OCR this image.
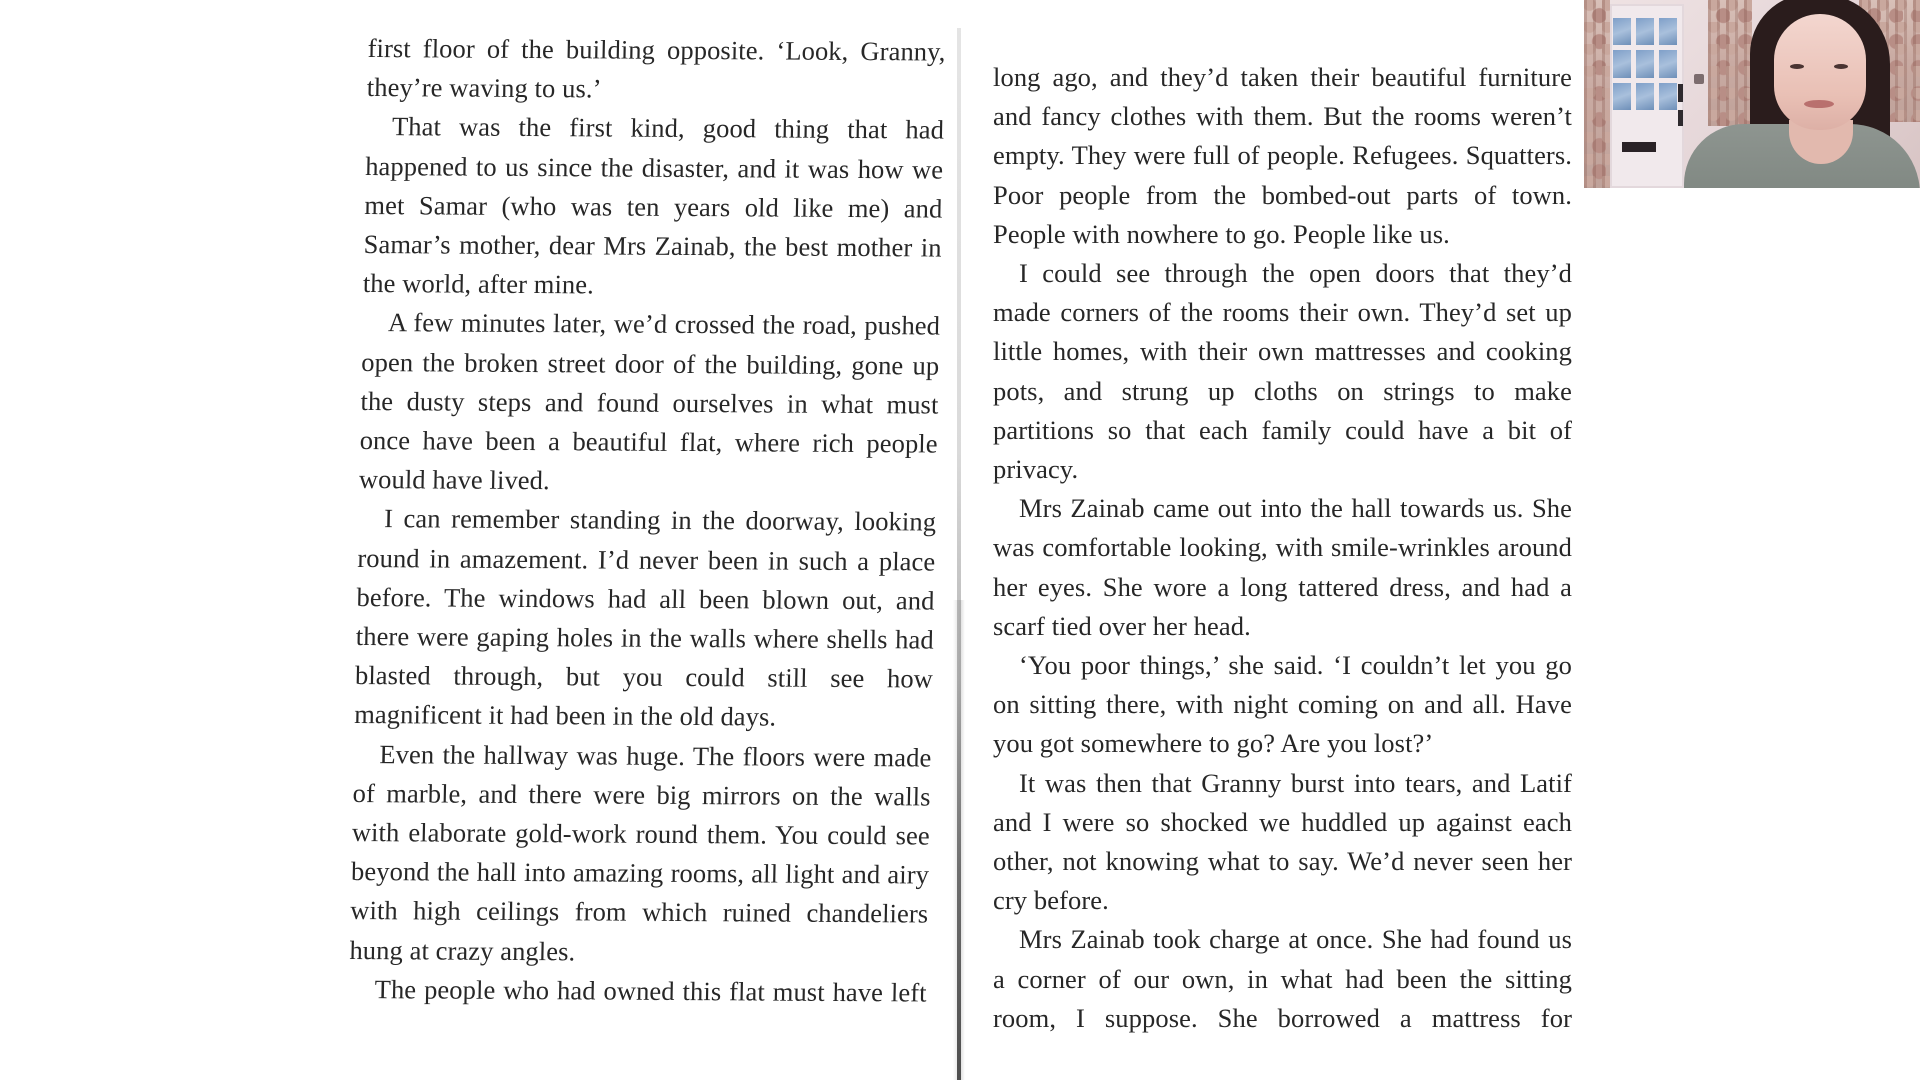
first floor of the building opposite. ‘Look, Granny, they’re waving to us.’

That was the first kind, good thing that had happened to us since the disaster, and it was how we met Samar (who was ten years old like me) and Samar’s mother, dear Mrs Zainab, the best mother in the world, after mine.

A few minutes later, we’d crossed the road, pushed open the broken street door of the building, gone up the dusty steps and found ourselves in what must once have been a beautiful flat, where rich people would have lived.

I can remember standing in the doorway, looking round in amazement. I’d never been in such a place before. The windows had all been blown out, and there were gaping holes in the walls where shells had blasted through, but you could still see how magnificent it had been in the old days.

Even the hallway was huge. The floors were made of marble, and there were big mirrors on the walls with elaborate gold-work round them. You could see beyond the hall into amazing rooms, all light and airy with high ceilings from which ruined chandeliers hung at crazy angles.

The people who had owned this flat must have left

long ago, and they’d taken their beautiful furniture and fancy clothes with them. But the rooms weren’t empty. They were full of people. Refugees. Squatters. Poor people from the bombed-out parts of town. People with nowhere to go. People like us.

I could see through the open doors that they’d made corners of the rooms their own. They’d set up little homes, with their own mattresses and cooking pots, and strung up cloths on strings to make partitions so that each family could have a bit of privacy.

Mrs Zainab came out into the hall towards us. She was comfortable looking, with smile-wrinkles around her eyes. She wore a long tattered dress, and had a scarf tied over her head.

‘You poor things,’ she said. ‘I couldn’t let you go on sitting there, with night coming on and all. Have you got somewhere to go? Are you lost?’

It was then that Granny burst into tears, and Latif and I were so shocked we huddled up against each other, not knowing what to say. We’d never seen her cry before.

Mrs Zainab took charge at once. She had found us a corner of our own, in what had been the sitting room, I suppose. She borrowed a mattress for
